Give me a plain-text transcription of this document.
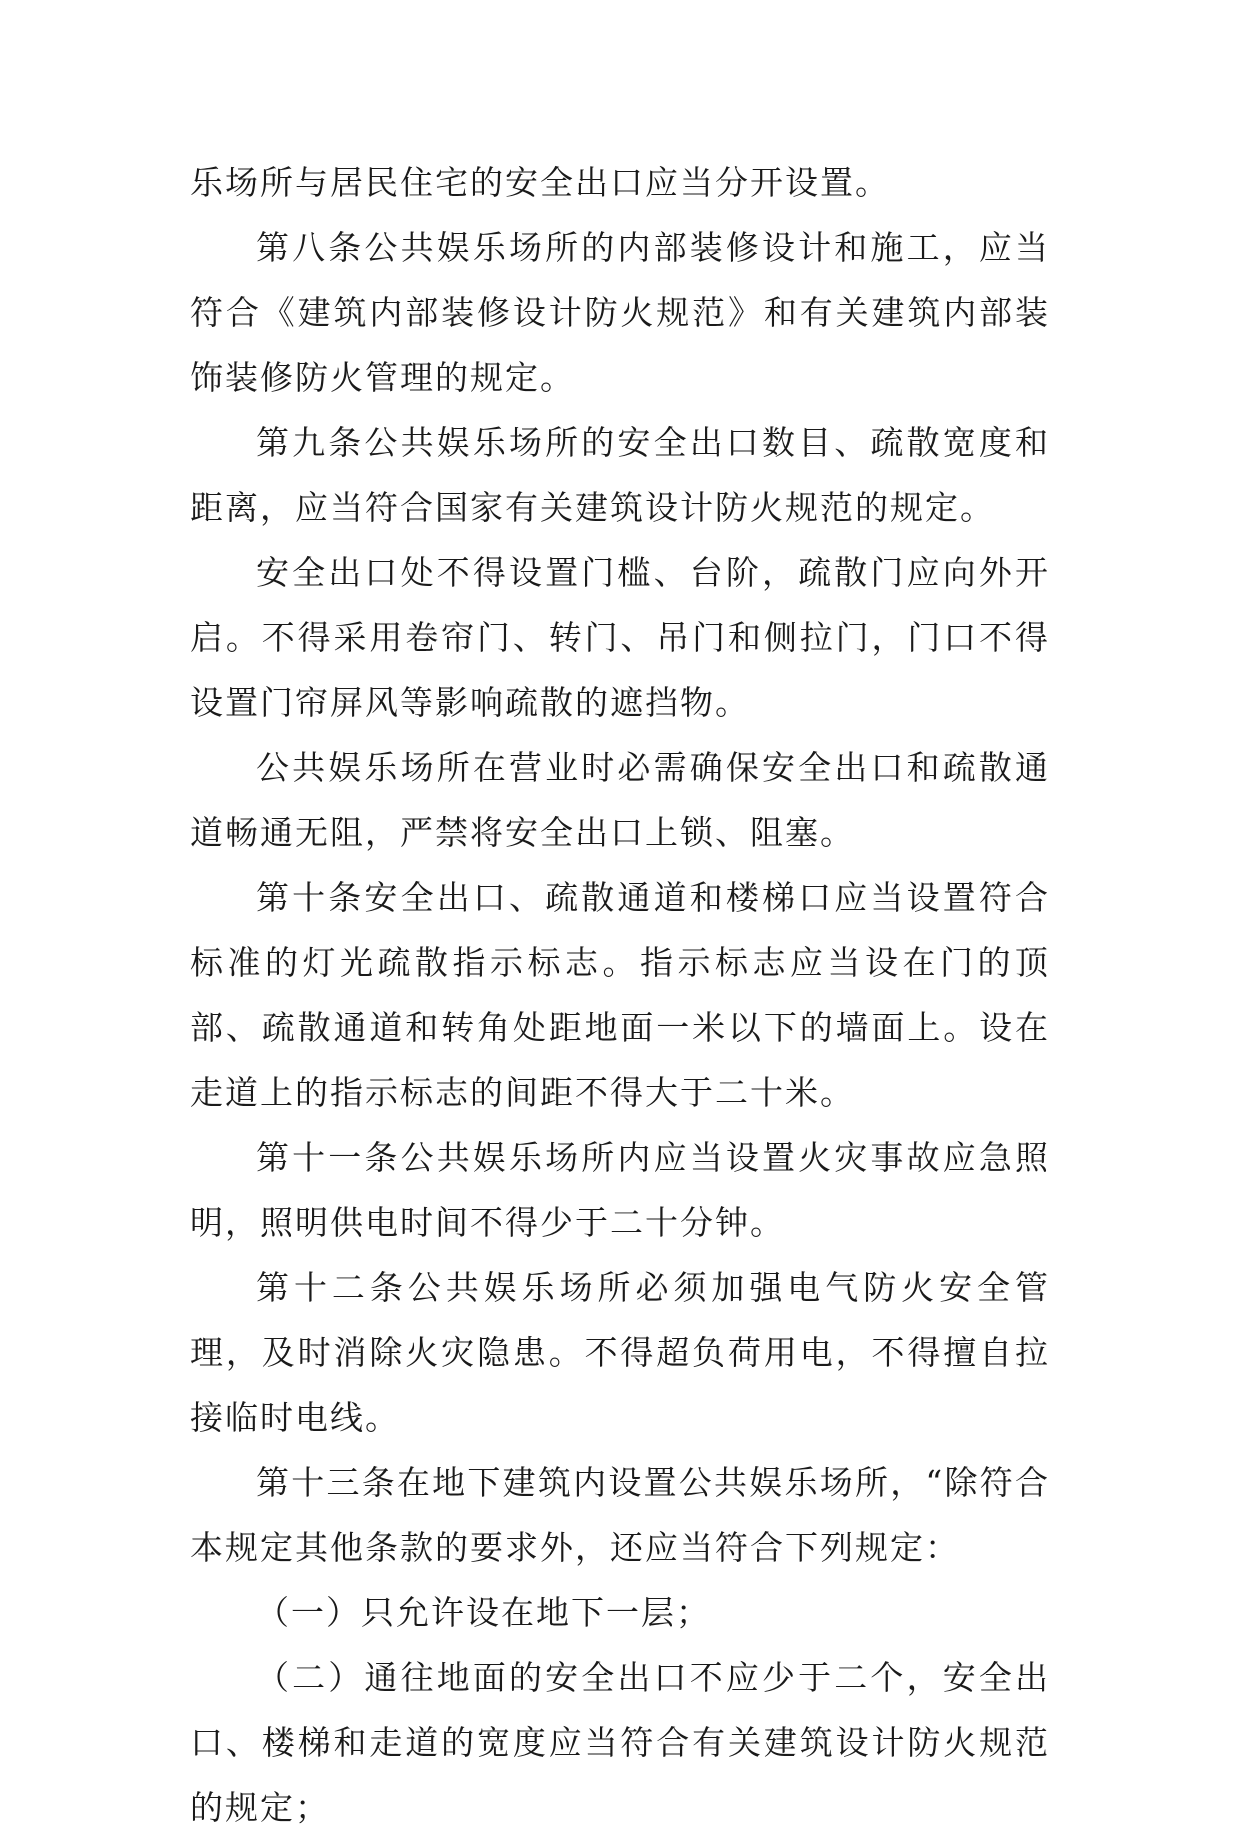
乐场所与居民住宅的安全出口应当分开设置。

第八条公共娱乐场所的内部装修设计和施工，应当符合《建筑内部装修设计防火规范》和有关建筑内部装饰装修防火管理的规定。

第九条公共娱乐场所的安全出口数目、疏散宽度和距离，应当符合国家有关建筑设计防火规范的规定。

安全出口处不得设置门槛、台阶，疏散门应向外开启。不得采用卷帘门、转门、吊门和侧拉门，门口不得设置门帘屏风等影响疏散的遮挡物。

公共娱乐场所在营业时必需确保安全出口和疏散通道畅通无阻，严禁将安全出口上锁、阻塞。

第十条安全出口、疏散通道和楼梯口应当设置符合标准的灯光疏散指示标志。指示标志应当设在门的顶部、疏散通道和转角处距地面一米以下的墙面上。设在走道上的指示标志的间距不得大于二十米。

第十一条公共娱乐场所内应当设置火灾事故应急照明，照明供电时间不得少于二十分钟。

第十二条公共娱乐场所必须加强电气防火安全管理，及时消除火灾隐患。不得超负荷用电，不得擅自拉接临时电线。

第十三条在地下建筑内设置公共娱乐场所，“除符合本规定其他条款的要求外，还应当符合下列规定：

（一）只允许设在地下一层；

（二）通往地面的安全出口不应少于二个，安全出口、楼梯和走道的宽度应当符合有关建筑设计防火规范的规定；
